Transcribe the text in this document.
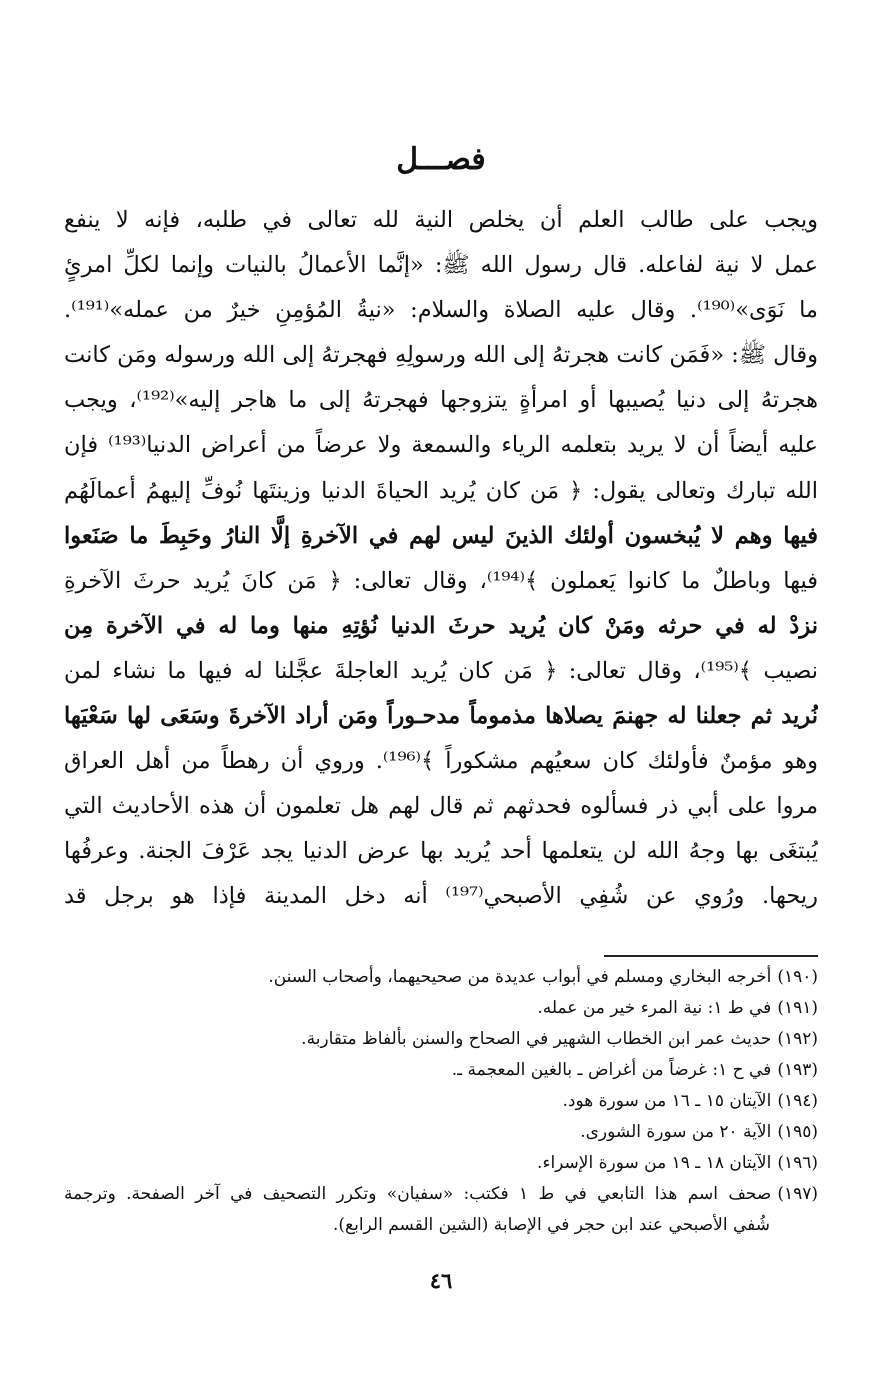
فصـــل
ويجب على طالب العلم أن يخلص النية لله تعالى في طلبه، فإنه لا ينفع
عمل لا نية لفاعله. قال رسول الله ﷺ: «إنَّما الأعمالُ بالنيات وإنما لكلِّ امرئٍ
ما نَوَى»⁽¹⁹⁰⁾. وقال عليه الصلاة والسلام: «نيةُ المُؤمِنِ خيرٌ من عمله»⁽¹⁹¹⁾.
وقال ﷺ: «فَمَن كانت هجرتهُ إلى الله ورسولِهِ فهجرتهُ إلى الله ورسوله ومَن كانت
هجرتهُ إلى دنيا يُصيبها أو امرأةٍ يتزوجها فهجرتهُ إلى ما هاجر إليه»⁽¹⁹²⁾، ويجب
عليه أيضاً أن لا يريد بتعلمه الرياء والسمعة ولا عرضاً من أعراض الدنيا⁽¹⁹³⁾ فإن
الله تبارك وتعالى يقول: ﴿ مَن كان يُريد الحياةَ الدنيا وزينتَها نُوفِّ إليهمُ أعمالَهُم
فيها وهم لا يُبخسون أولئك الذينَ ليس لهم في الآخرةِ إلَّا النارُ وحَبِطَ ما صَنَعوا
فيها وباطلٌ ما كانوا يَعملون ﴾⁽¹⁹⁴⁾، وقال تعالى: ﴿ مَن كانَ يُريد حرثَ الآخرةِ
نزدْ له في حرثه ومَنْ كان يُريد حرثَ الدنيا نُؤتِهِ منها وما له في الآخرة مِن
نصيب ﴾⁽¹⁹⁵⁾، وقال تعالى: ﴿ مَن كان يُريد العاجلةَ عجَّلنا له فيها ما نشاء لمن
نُريد ثم جعلنا له جهنمَ يصلاها مذموماً مدحـوراً ومَن أراد الآخرةَ وسَعَى لها سَعْيَها
وهو مؤمنٌ فأولئك كان سعيُهم مشكوراً ﴾⁽¹⁹⁶⁾. وروي أن رهطاً من أهل العراق
مروا على أبي ذر فسألوه فحدثهم ثم قال لهم هل تعلمون أن هذه الأحاديث التي
يُبتغَى بها وجهُ الله لن يتعلمها أحد يُريد بها عرض الدنيا يجد عَرْفَ الجنة. وعرفُها
ريحها. ورُوي عن شُفِي الأصبحي⁽¹⁹⁷⁾ أنه دخل المدينة فإذا هو برجل قد
(١٩٠)أخرجه البخاري ومسلم في أبواب عديدة من صحيحيهما، وأصحاب السنن.
(١٩١)في ط ١: نية المرء خير من عمله.
(١٩٢)حديث عمر ابن الخطاب الشهير في الصحاح والسنن بألفاظ متقاربة.
(١٩٣)في ح ١: غرضاً من أغراض ـ بالغين المعجمة ـ.
(١٩٤)الآيتان ١٥ ـ ١٦ من سورة هود.
(١٩٥)الآية ٢٠ من سورة الشورى.
(١٩٦)الآيتان ١٨ ـ ١٩ من سورة الإسراء.
(١٩٧)صحف اسم هذا التابعي في ط ١ فكتب: «سفيان» وتكرر التصحيف في آخر الصفحة. وترجمة
شُفي الأصبحي عند ابن حجر في الإصابة (الشين القسم الرابع).
٤٦
